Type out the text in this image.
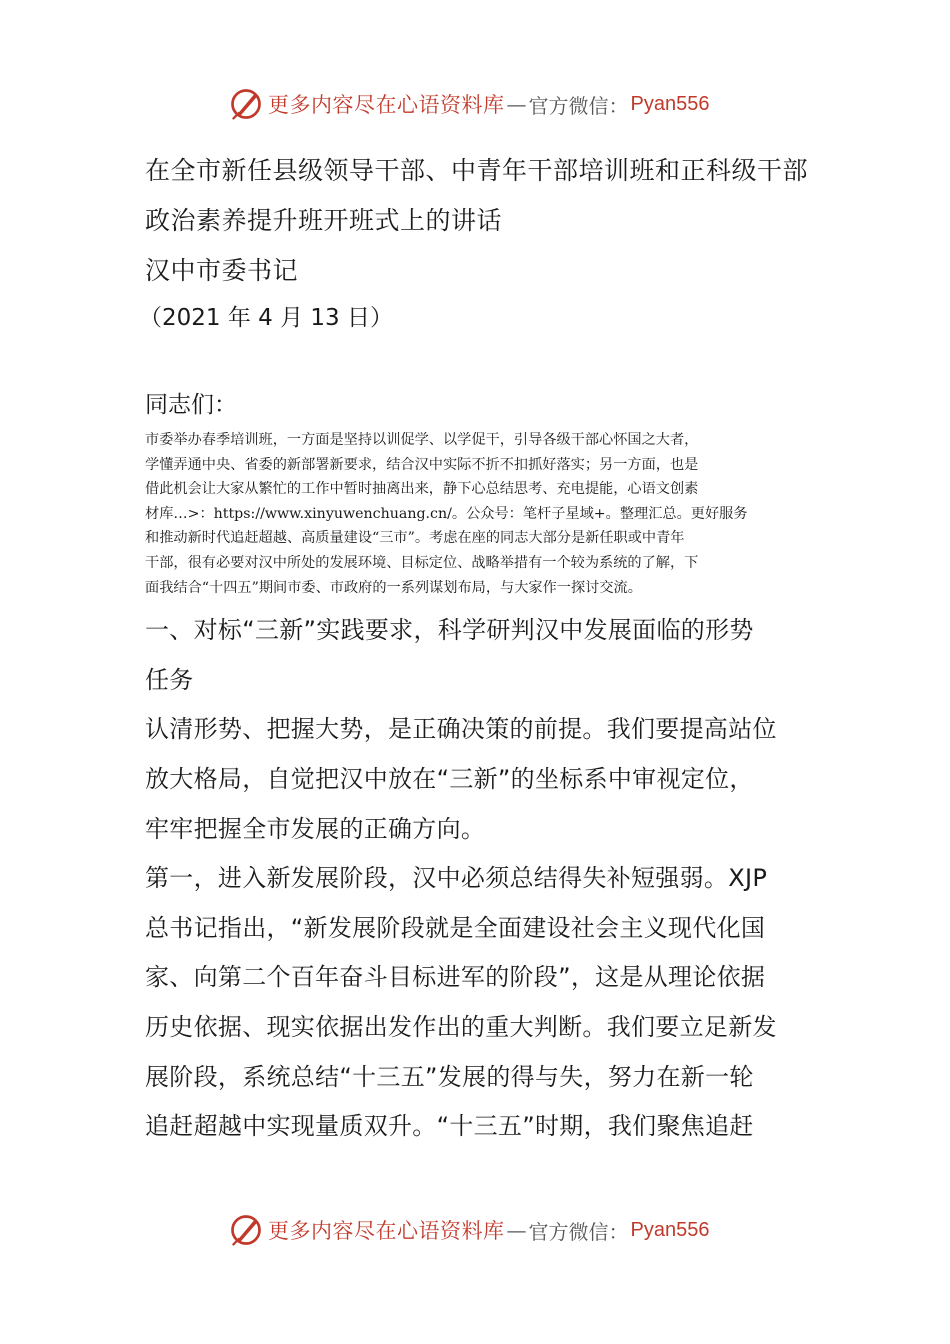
更多内容尽在心语资料库 — 官方微信： Pyan556
在全市新任县级领导干部、中青年干部培训班和正科级干部
政治素养提升班开班式上的讲话
汉中市委书记
（2021 年 4 月 13 日）
同志们：
市委举办春季培训班，一方面是坚持以训促学、以学促干，引导各级干部心怀国之大者，
学懂弄通中央、省委的新部署新要求，结合汉中实际不折不扣抓好落实；另一方面，也是
借此机会让大家从繁忙的工作中暂时抽离出来，静下心总结思考、充电提能，心语文创素
材库…>：https://www.xinyuwenchuang.cn/。公众号：笔杆子星域+。整理汇总。更好服务
和推动新时代追赶超越、高质量建设“三市”。考虑在座的同志大部分是新任职或中青年
干部，很有必要对汉中所处的发展环境、目标定位、战略举措有一个较为系统的了解，下
面我结合“十四五”期间市委、市政府的一系列谋划布局，与大家作一探讨交流。
一、对标“三新”实践要求，科学研判汉中发展面临的形势
任务
认清形势、把握大势，是正确决策的前提。我们要提高站位
放大格局，自觉把汉中放在“三新”的坐标系中审视定位，
牢牢把握全市发展的正确方向。
第一，进入新发展阶段，汉中必须总结得失补短强弱。XJP
总书记指出，“新发展阶段就是全面建设社会主义现代化国
家、向第二个百年奋斗目标进军的阶段”，这是从理论依据
历史依据、现实依据出发作出的重大判断。我们要立足新发
展阶段，系统总结“十三五”发展的得与失，努力在新一轮
追赶超越中实现量质双升。“十三五”时期，我们聚焦追赶
更多内容尽在心语资料库 — 官方微信： Pyan556
